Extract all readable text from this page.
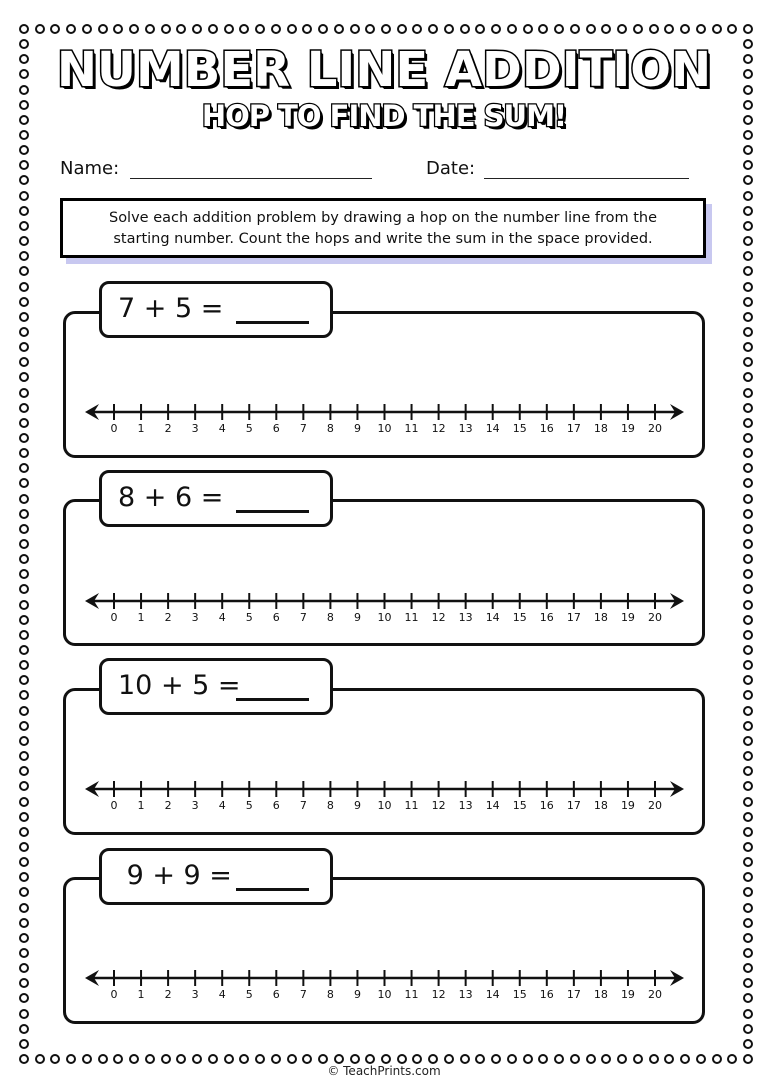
NUMBER LINE ADDITION
HOP TO FIND THE SUM!
Name:	Date:
Solve each addition problem by drawing a hop on the number line from the
starting number. Count the hops and write the sum in the space provided.
7 + 5 =
0 1 2 3 4 5 6 7 8 9 10 11 12 13 14 15 16 17 18 19 20
8 + 6 =
0 1 2 3 4 5 6 7 8 9 10 11 12 13 14 15 16 17 18 19 20
10 + 5 =
0 1 2 3 4 5 6 7 8 9 10 11 12 13 14 15 16 17 18 19 20
9 + 9 =
0 1 2 3 4 5 6 7 8 9 10 11 12 13 14 15 16 17 18 19 20
© TeachPrints.com
